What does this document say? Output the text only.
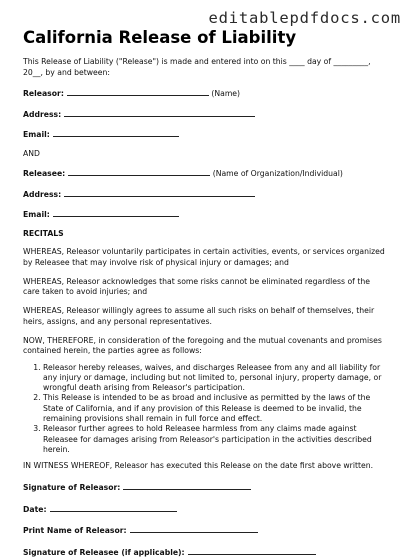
editablepdfdocs.com
California Release of Liability

This Release of Liability ("Release") is made and entered into on this ____ day of _________,

20__, by and between:

Releasor:	(Name)

Address:

Email:

AND

Releasee:	(Name of Organization/Individual)

Address:

Email:

RECITALS

WHEREAS, Releasor voluntarily participates in certain activities, events, or services organized by Releasee that may involve risk of physical injury or damages; and

WHEREAS, Releasor acknowledges that some risks cannot be eliminated regardless of the care taken to avoid injuries; and

WHEREAS, Releasor willingly agrees to assume all such risks on behalf of themselves, their heirs, assigns, and any personal representatives.

NOW, THEREFORE, in consideration of the foregoing and the mutual covenants and promises contained herein, the parties agree as follows:

1. Releasor hereby releases, waives, and discharges Releasee from any and all liability for any injury or damage, including but not limited to, personal injury, property damage, or wrongful death arising from Releasor's participation.
2. This Release is intended to be as broad and inclusive as permitted by the laws of the State of California, and if any provision of this Release is deemed to be invalid, the remaining provisions shall remain in full force and effect.
3. Releasor further agrees to hold Releasee harmless from any claims made against Releasee for damages arising from Releasor's participation in the activities described herein.

IN WITNESS WHEREOF, Releasor has executed this Release on the date first above written.

Signature of Releasor:

Date:

Print Name of Releasor:

Signature of Releasee (if applicable):
